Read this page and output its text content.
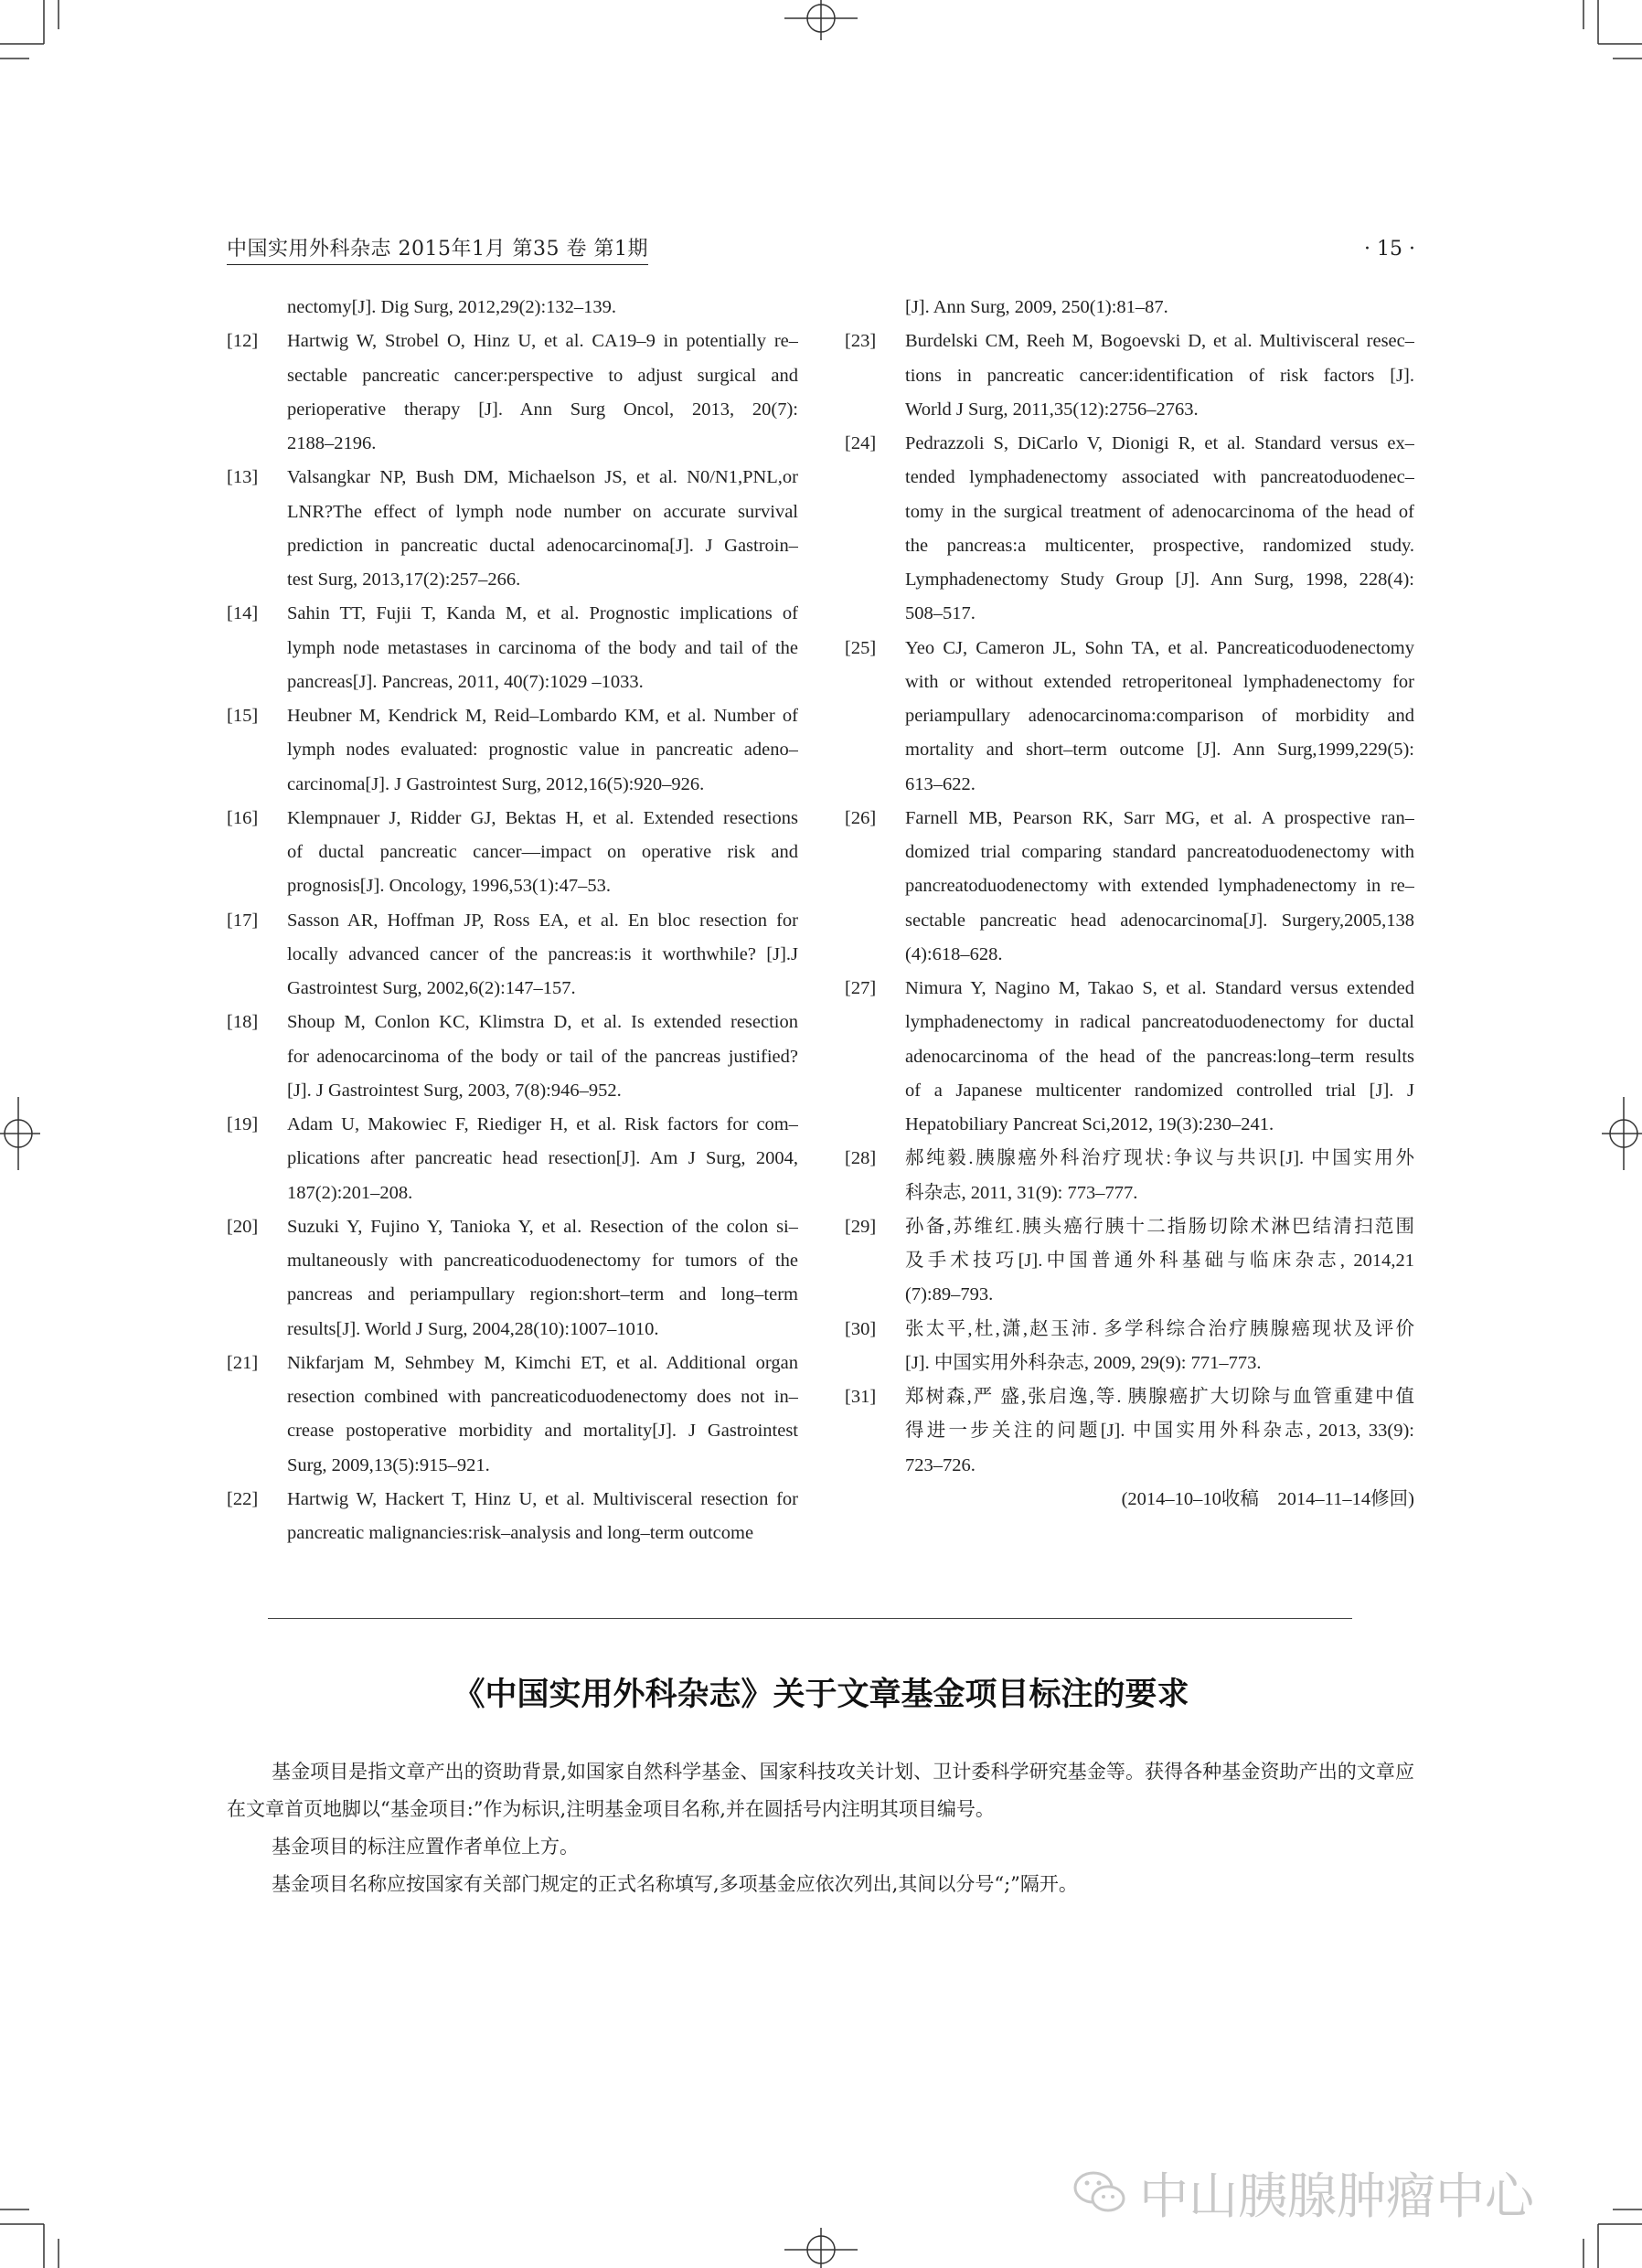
中国实用外科杂志 2015年1月 第35 卷 第1期	· 15 ·
nectomy[J]. Dig Surg, 2012,29(2):132–139.
[12] Hartwig W, Strobel O, Hinz U, et al. CA19–9 in potentially re–
sectable pancreatic cancer:perspective to adjust surgical and
perioperative therapy [J]. Ann Surg Oncol, 2013, 20(7):
2188–2196.
[13] Valsangkar NP, Bush DM, Michaelson JS, et al. N0/N1,PNL,or
LNR?The effect of lymph node number on accurate survival
prediction in pancreatic ductal adenocarcinoma[J]. J Gastroin–
test Surg, 2013,17(2):257–266.
[14] Sahin TT, Fujii T, Kanda M, et al. Prognostic implications of
lymph node metastases in carcinoma of the body and tail of the
pancreas[J]. Pancreas, 2011, 40(7):1029 –1033.
[15] Heubner M, Kendrick M, Reid–Lombardo KM, et al. Number of
lymph nodes evaluated: prognostic value in pancreatic adeno–
carcinoma[J]. J Gastrointest Surg, 2012,16(5):920–926.
[16] Klempnauer J, Ridder GJ, Bektas H, et al. Extended resections
of ductal pancreatic cancer––impact on operative risk and
prognosis[J]. Oncology, 1996,53(1):47–53.
[17] Sasson AR, Hoffman JP, Ross EA, et al. En bloc resection for
locally advanced cancer of the pancreas:is it worthwhile? [J].J
Gastrointest Surg, 2002,6(2):147–157.
[18] Shoup M, Conlon KC, Klimstra D, et al. Is extended resection
for adenocarcinoma of the body or tail of the pancreas justified?
[J]. J Gastrointest Surg, 2003, 7(8):946–952.
[19] Adam U, Makowiec F, Riediger H, et al. Risk factors for com–
plications after pancreatic head resection[J]. Am J Surg, 2004,
187(2):201–208.
[20] Suzuki Y, Fujino Y, Tanioka Y, et al. Resection of the colon si–
multaneously with pancreaticoduodenectomy for tumors of the
pancreas and periampullary region:short–term and long–term
results[J]. World J Surg, 2004,28(10):1007–1010.
[21] Nikfarjam M, Sehmbey M, Kimchi ET, et al. Additional organ
resection combined with pancreaticoduodenectomy does not in–
crease postoperative morbidity and mortality[J]. J Gastrointest
Surg, 2009,13(5):915–921.
[22] Hartwig W, Hackert T, Hinz U, et al. Multivisceral resection for
pancreatic malignancies:risk–analysis and long–term outcome
[J]. Ann Surg, 2009, 250(1):81–87.
[23] Burdelski CM, Reeh M, Bogoevski D, et al. Multivisceral resec–
tions in pancreatic cancer:identification of risk factors [J].
World J Surg, 2011,35(12):2756–2763.
[24] Pedrazzoli S, DiCarlo V, Dionigi R, et al. Standard versus ex–
tended lymphadenectomy associated with pancreatoduodenec–
tomy in the surgical treatment of adenocarcinoma of the head of
the pancreas:a multicenter, prospective, randomized study.
Lymphadenectomy Study Group [J]. Ann Surg, 1998, 228(4):
508–517.
[25] Yeo CJ, Cameron JL, Sohn TA, et al. Pancreaticoduodenectomy
with or without extended retroperitoneal lymphadenectomy for
periampullary adenocarcinoma:comparison of morbidity and
mortality and short–term outcome [J]. Ann Surg,1999,229(5):
613–622.
[26] Farnell MB, Pearson RK, Sarr MG, et al. A prospective ran–
domized trial comparing standard pancreatoduodenectomy with
pancreatoduodenectomy with extended lymphadenectomy in re–
sectable pancreatic head adenocarcinoma[J]. Surgery,2005,138
(4):618–628.
[27] Nimura Y, Nagino M, Takao S, et al. Standard versus extended
lymphadenectomy in radical pancreatoduodenectomy for ductal
adenocarcinoma of the head of the pancreas:long–term results
of a Japanese multicenter randomized controlled trial [J]. J
Hepatobiliary Pancreat Sci,2012, 19(3):230–241.
[28] 郝纯毅.胰腺癌外科治疗现状:争议与共识[J]. 中国实用外
科杂志, 2011, 31(9): 773–777.
[29] 孙备,苏维红.胰头癌行胰十二指肠切除术淋巴结清扫范围
及手术技巧[J].中国普通外科基础与临床杂志, 2014,21
(7):89–793.
[30] 张太平,杜,潇,赵玉沛. 多学科综合治疗胰腺癌现状及评价
[J]. 中国实用外科杂志, 2009, 29(9): 771–773.
[31] 郑树森,严 盛,张启逸,等. 胰腺癌扩大切除与血管重建中值
得进一步关注的问题[J]. 中国实用外科杂志, 2013, 33(9):
723–726.
(2014–10–10收稿　2014–11–14修回)
《中国实用外科杂志》关于文章基金项目标注的要求
基金项目是指文章产出的资助背景,如国家自然科学基金、国家科技攻关计划、卫计委科学研究基金等。获得各种基金资助产出的文章应在文章首页地脚以“基金项目:”作为标识,注明基金项目名称,并在圆括号内注明其项目编号。
基金项目的标注应置作者单位上方。
基金项目名称应按国家有关部门规定的正式名称填写,多项基金应依次列出,其间以分号“;”隔开。
中山胰腺肿瘤中心
